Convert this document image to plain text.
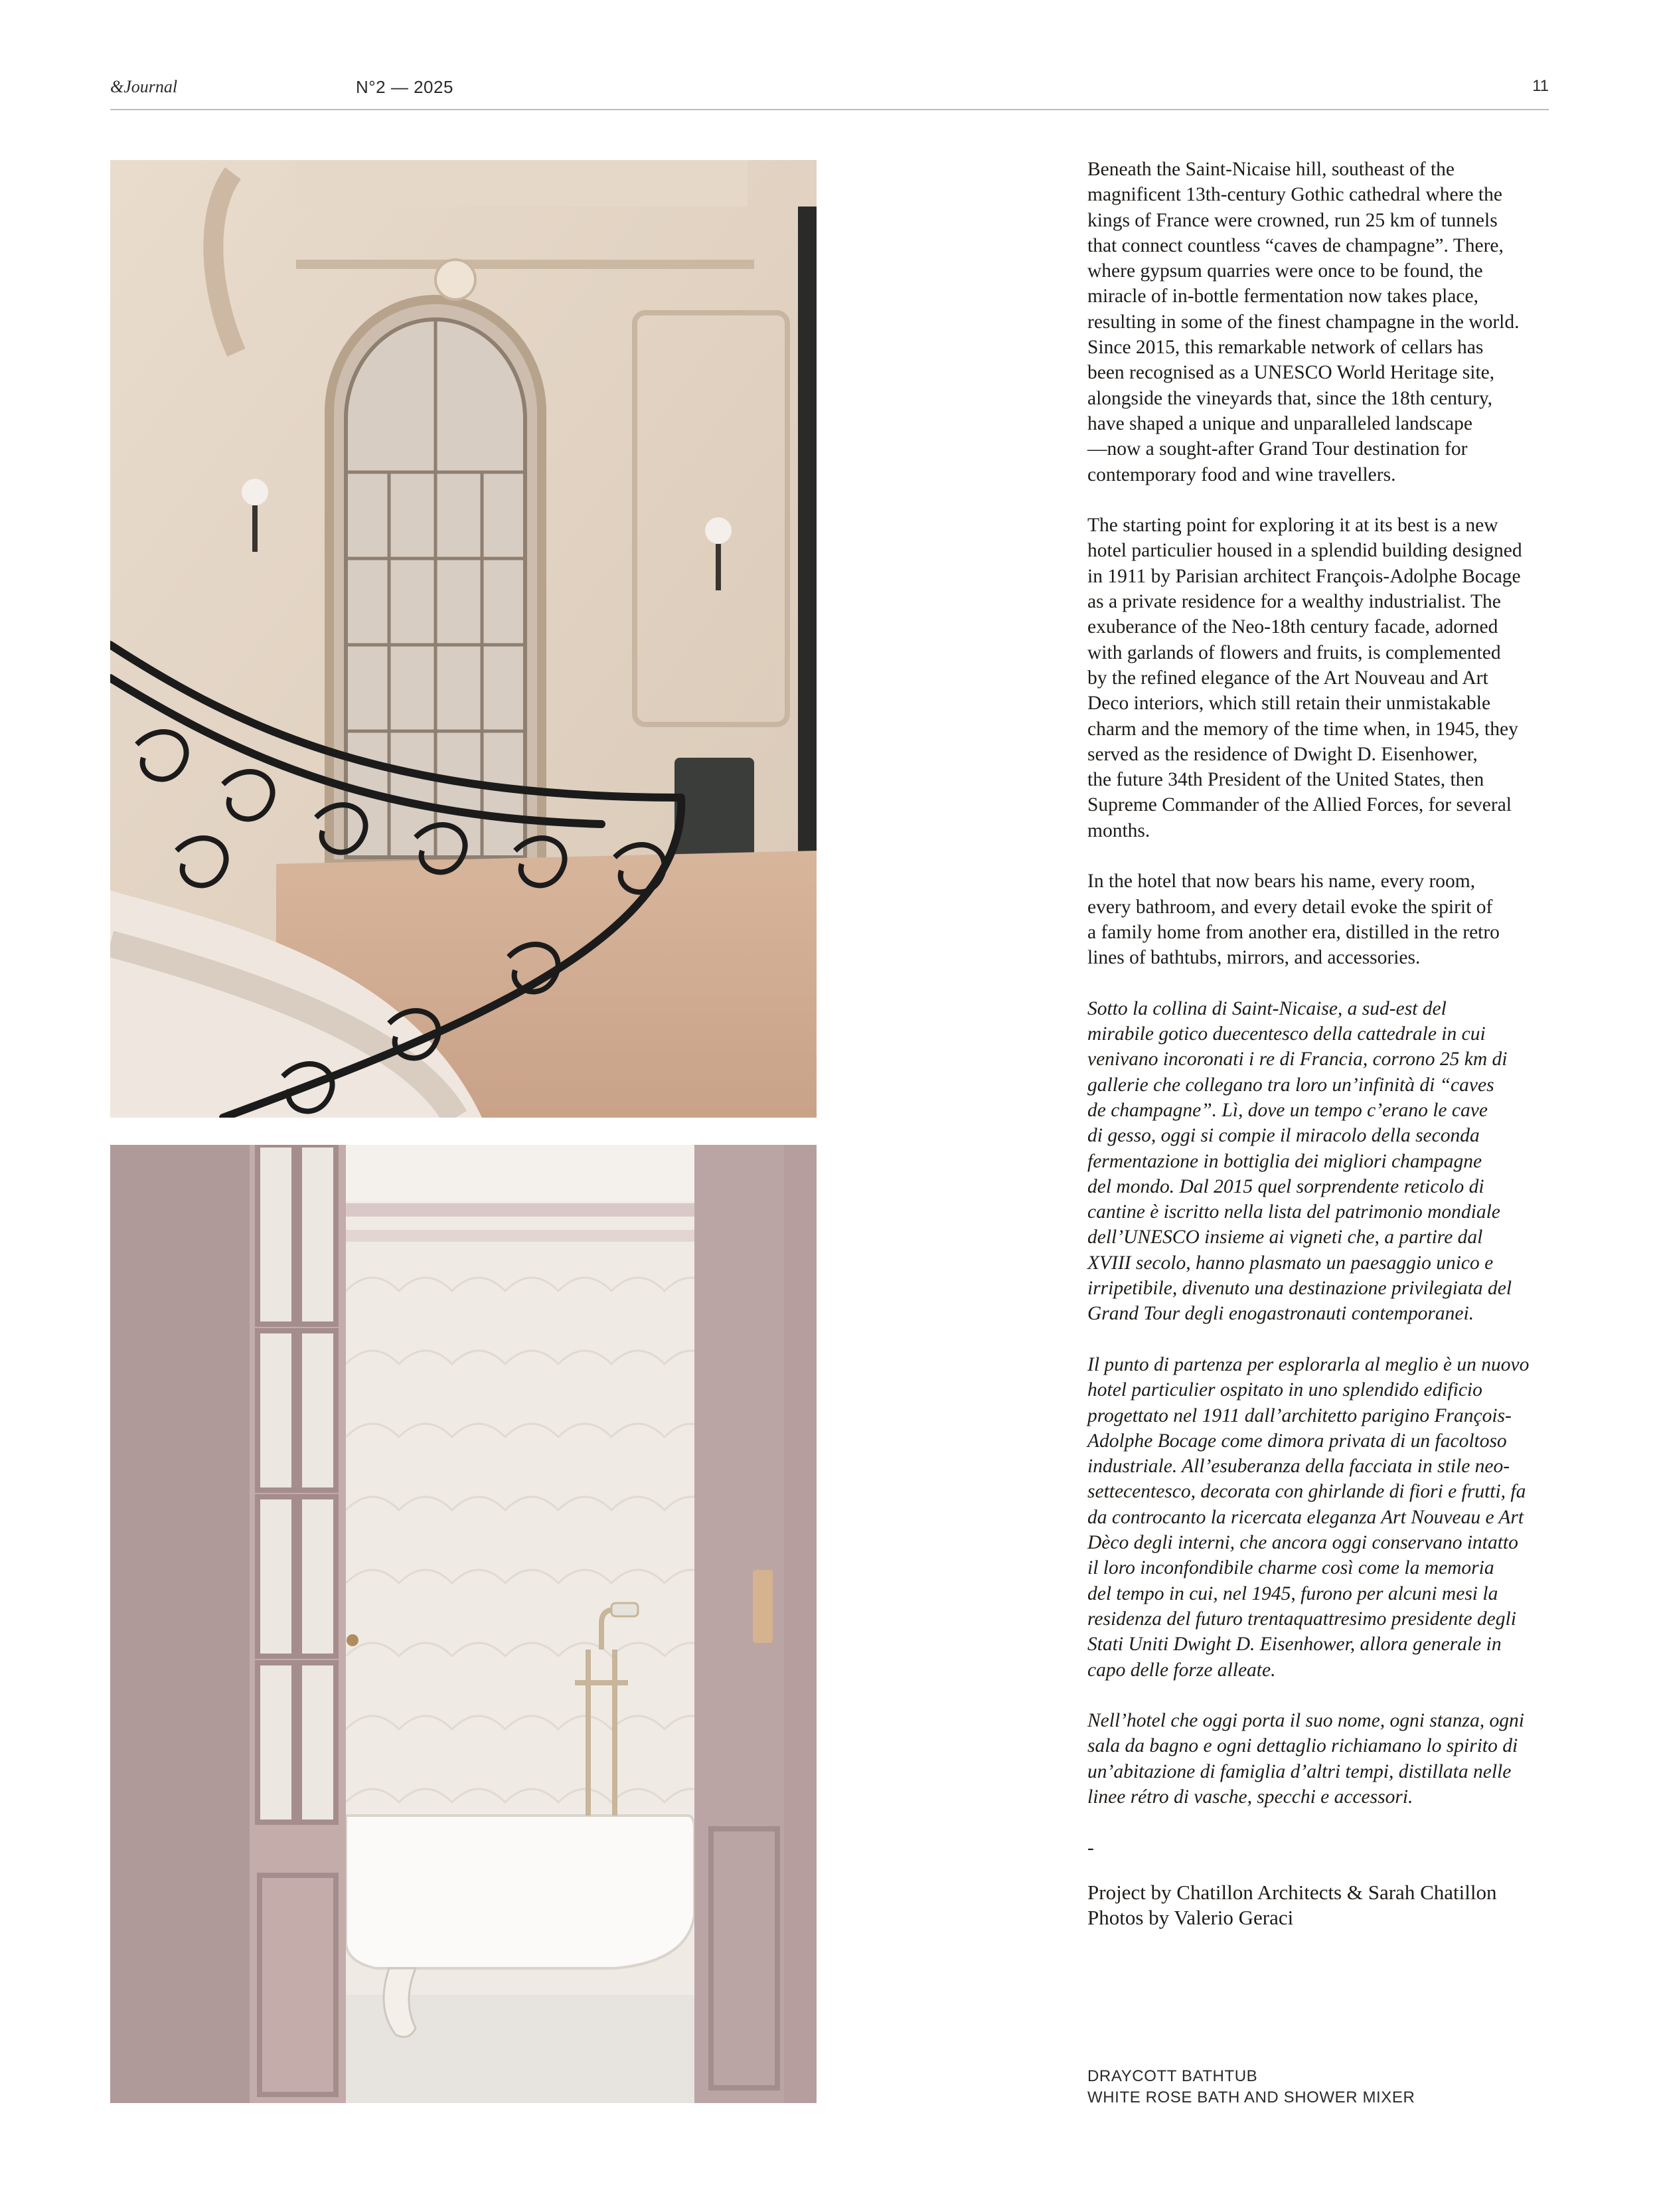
&Journal	N°2 — 2025	11

Beneath the Saint-Nicaise hill, southeast of the
magnificent 13th-century Gothic cathedral where the
kings of France were crowned, run 25 km of tunnels
that connect countless “caves de champagne”. There,
where gypsum quarries were once to be found, the
miracle of in-bottle fermentation now takes place,
resulting in some of the finest champagne in the world.
Since 2015, this remarkable network of cellars has
been recognised as a UNESCO World Heritage site,
alongside the vineyards that, since the 18th century,
have shaped a unique and unparalleled landscape
—now a sought-after Grand Tour destination for
contemporary food and wine travellers.

The starting point for exploring it at its best is a new
hotel particulier housed in a splendid building designed
in 1911 by Parisian architect François-Adolphe Bocage
as a private residence for a wealthy industrialist. The
exuberance of the Neo-18th century facade, adorned
with garlands of flowers and fruits, is complemented
by the refined elegance of the Art Nouveau and Art
Deco interiors, which still retain their unmistakable
charm and the memory of the time when, in 1945, they
served as the residence of Dwight D. Eisenhower,
the future 34th President of the United States, then
Supreme Commander of the Allied Forces, for several
months.

In the hotel that now bears his name, every room,
every bathroom, and every detail evoke the spirit of
a family home from another era, distilled in the retro
lines of bathtubs, mirrors, and accessories.

Sotto la collina di Saint-Nicaise, a sud-est del
mirabile gotico duecentesco della cattedrale in cui
venivano incoronati i re di Francia, corrono 25 km di
gallerie che collegano tra loro un’infinità di “caves
de champagne”. Lì, dove un tempo c’erano le cave
di gesso, oggi si compie il miracolo della seconda
fermentazione in bottiglia dei migliori champagne
del mondo. Dal 2015 quel sorprendente reticolo di
cantine è iscritto nella lista del patrimonio mondiale
dell’UNESCO insieme ai vigneti che, a partire dal
XVIII secolo, hanno plasmato un paesaggio unico e
irripetibile, divenuto una destinazione privilegiata del
Grand Tour degli enogastronauti contemporanei.

Il punto di partenza per esplorarla al meglio è un nuovo
hotel particulier ospitato in uno splendido edificio
progettato nel 1911 dall’architetto parigino François-
Adolphe Bocage come dimora privata di un facoltoso
industriale. All’esuberanza della facciata in stile neo-
settecentesco, decorata con ghirlande di fiori e frutti, fa
da controcanto la ricercata eleganza Art Nouveau e Art
Dèco degli interni, che ancora oggi conservano intatto
il loro inconfondibile charme così come la memoria
del tempo in cui, nel 1945, furono per alcuni mesi la
residenza del futuro trentaquattresimo presidente degli
Stati Uniti Dwight D. Eisenhower, allora generale in
capo delle forze alleate.

Nell’hotel che oggi porta il suo nome, ogni stanza, ogni
sala da bagno e ogni dettaglio richiamano lo spirito di
un’abitazione di famiglia d’altri tempi, distillata nelle
linee rétro di vasche, specchi e accessori.

-

Project by Chatillon Architects & Sarah Chatillon
Photos by Valerio Geraci
DRAYCOTT BATHTUB
WHITE ROSE BATH AND SHOWER MIXER
